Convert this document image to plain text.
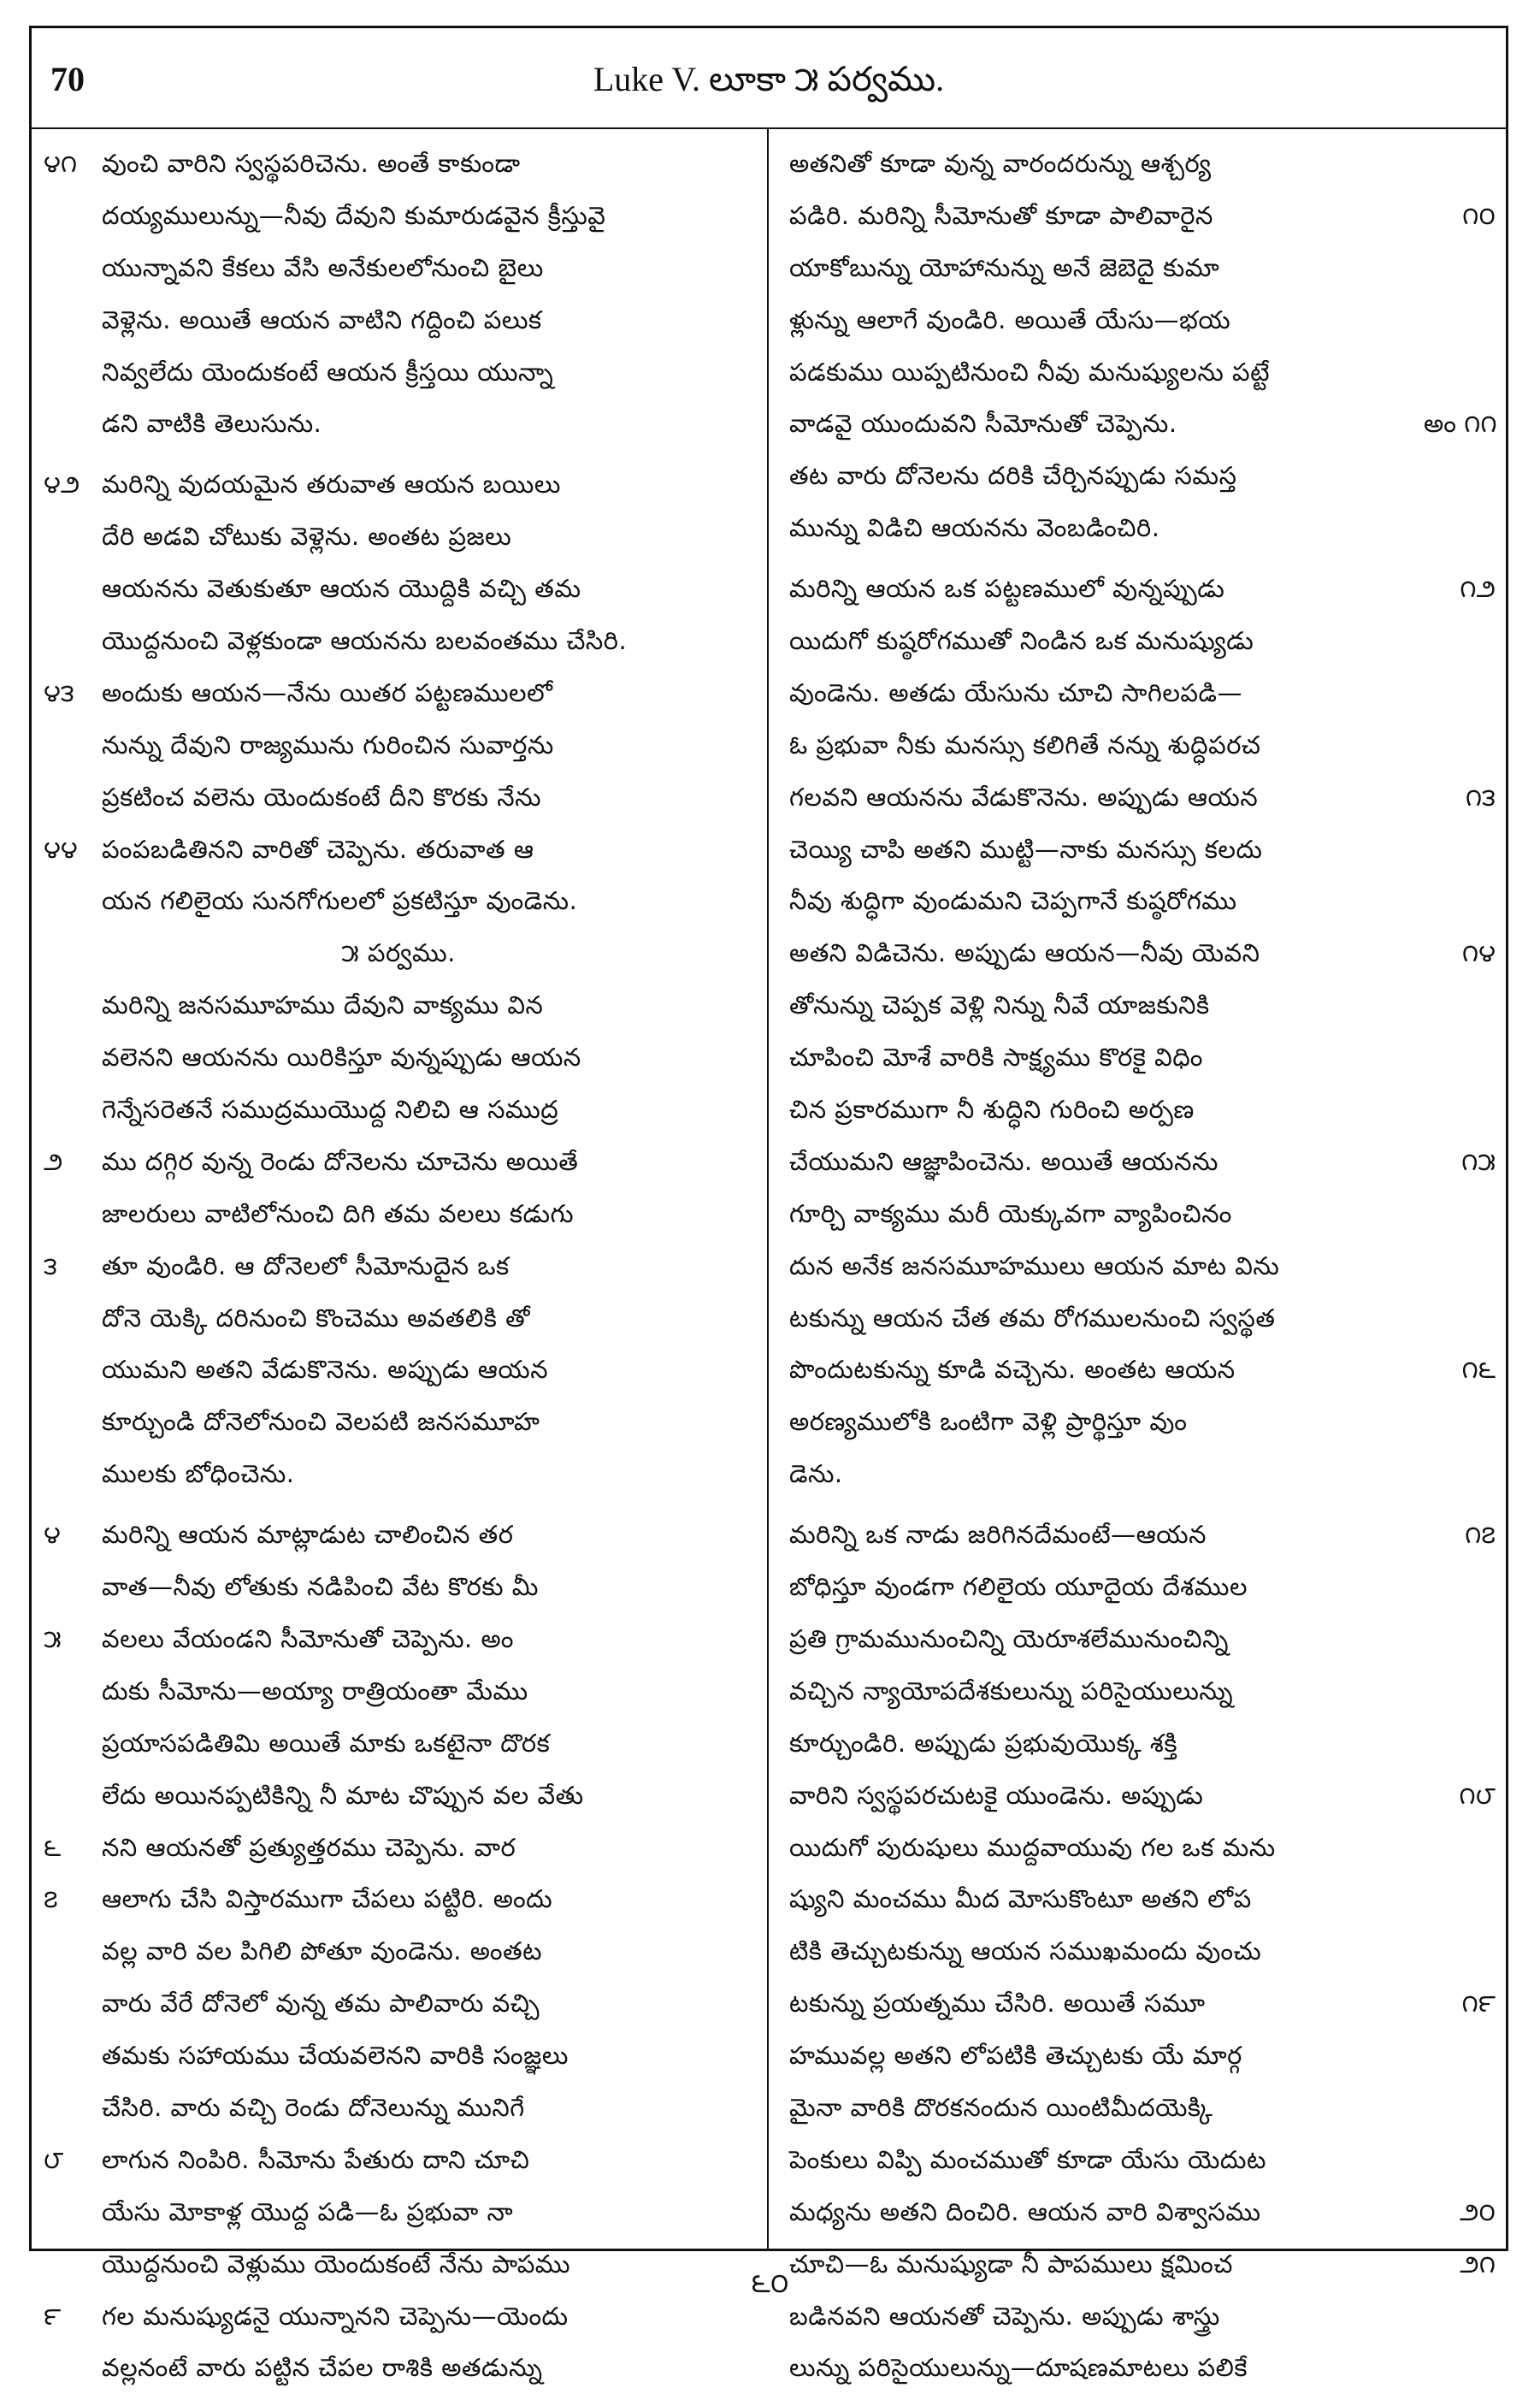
70	Luke V. లూకా ౫ పర్వము.
౪౧ వుంచి వారిని స్వస్థపరిచెను. అంతే కాకుండా
దయ్యములున్ను—నీవు దేవుని కుమారుడవైన క్రీస్తువై
యున్నావని కేకలు వేసి అనేకులలోనుంచి బైలు
వెళ్లెను. అయితే ఆయన వాటిని గద్దించి పలుక
నివ్వలేదు యెందుకంటే ఆయన క్రీస్తయి యున్నా
డని వాటికి తెలుసును.
౪౨ మరిన్ని వుదయమైన తరువాత ఆయన బయిలు
దేరి అడవి చోటుకు వెళ్లెను. అంతట ప్రజలు
ఆయనను వెతుకుతూ ఆయన యొద్దికి వచ్చి తమ
యొద్దనుంచి వెళ్లకుండా ఆయనను బలవంతము చేసిరి.
౪౩	అందుకు ఆయన—నేను యితర పట్టణములలో
నున్ను దేవుని రాజ్యమును గురించిన సువార్తను
ప్రకటించ వలెను యెందుకంటే దీని కొరకు నేను
౪౪ పంపబడితినని వారితో చెప్పెను. తరువాత ఆ
యన గలిలైయ సునగోగులలో ప్రకటిస్తూ వుండెను.
౫ పర్వము.
మరిన్ని జనసమూహము దేవుని వాక్యము విన
వలెనని ఆయనను యిరికిస్తూ వున్నప్పుడు ఆయన
గెన్నేసరెతనే సముద్రముయొద్ద నిలిచి ఆ సముద్ర
౨	ము దగ్గిర వున్న రెండు దోనెలను చూచెను అయితే
జాలరులు వాటిలోనుంచి దిగి తమ వలలు కడుగు
౩	తూ వుండిరి. ఆ దోనెలలో సీమోనుదైన ఒక
దోనె యెక్కి దరినుంచి కొంచెము అవతలికి తో
యుమని అతని వేడుకొనెను. అప్పుడు ఆయన
కూర్చుండి దోనెలోనుంచి వెలపటి జనసమూహ
ములకు బోధించెను.
౪	మరిన్ని ఆయన మాట్లాడుట చాలించిన తర
వాత—నీవు లోతుకు నడిపించి వేట కొరకు మీ
౫	వలలు వేయండని సీమోనుతో చెప్పెను. అం
దుకు సీమోను—అయ్యా రాత్రియంతా మేము
ప్రయాసపడితిమి అయితే మాకు ఒకటైనా దొరక
లేదు అయినప్పటికిన్ని నీ మాట చొప్పున వల వేతు
౬	నని ఆయనతో ప్రత్యుత్తరము చెప్పెను. వార
౭	ఆలాగు చేసి విస్తారముగా చేపలు పట్టిరి. అందు
వల్ల వారి వల పిగిలి పోతూ వుండెను. అంతట
వారు వేరే దోనెలో వున్న తమ పాలివారు వచ్చి
తమకు సహాయము చేయవలెనని వారికి సంజ్ఞలు
చేసిరి. వారు వచ్చి రెండు దోనెలున్ను మునిగే
౮	లాగున నింపిరి. సీమోను పేతురు దాని చూచి
యేసు మోకాళ్ల యొద్ద పడి—ఓ ప్రభువా నా
యొద్దనుంచి వెళ్లుము యెందుకంటే నేను పాపము
౯	గల మనుష్యుడనై యున్నానని చెప్పెను—యెందు
వల్లనంటే వారు పట్టిన చేపల రాశికి అతడున్ను
అతనితో కూడా వున్న వారందరున్ను ఆశ్చర్య
౧౦
పడిరి. మరిన్ని సీమోనుతో కూడా పాలివారైన
యాకోబున్ను యోహానున్ను అనే జెబెదై కుమా
ళ్లున్ను ఆలాగే వుండిరి. అయితే యేసు—భయ
పడకుము యిప్పటినుంచి నీవు మనుష్యులను పట్టే
అం ౧౧
వాడవై యుందువని సీమోనుతో చెప్పెను.
తట వారు దోనెలను దరికి చేర్చినప్పుడు సమస్త
మున్ను విడిచి ఆయనను వెంబడించిరి.
౧౨
మరిన్ని ఆయన ఒక పట్టణములో వున్నప్పుడు
యిదుగో కుష్ఠరోగముతో నిండిన ఒక మనుష్యుడు
వుండెను. అతడు యేసును చూచి సాగిలపడి—
ఓ ప్రభువా నీకు మనస్సు కలిగితే నన్ను శుద్ధిపరచ
౧౩
గలవని ఆయనను వేడుకొనెను. అప్పుడు ఆయన
చెయ్యి చాపి అతని ముట్టి—నాకు మనస్సు కలదు
నీవు శుద్ధిగా వుండుమని చెప్పగానే కుష్ఠరోగము
౧౪
అతని విడిచెను. అప్పుడు ఆయన—నీవు యెవని
తోనున్ను చెప్పక వెళ్లి నిన్ను నీవే యాజకునికి
చూపించి మోశే వారికి సాక్ష్యము కొరకై విధిం
చిన ప్రకారముగా నీ శుద్ధిని గురించి అర్పణ
౧౫
చేయుమని ఆజ్ఞాపించెను. అయితే ఆయనను
గూర్చి వాక్యము మరీ యెక్కువగా వ్యాపించినం
దున అనేక జనసమూహములు ఆయన మాట విను
టకున్ను ఆయన చేత తమ రోగములనుంచి స్వస్థత
౧౬
పొందుటకున్ను కూడి వచ్చెను. అంతట ఆయన
అరణ్యములోకి ఒంటిగా వెళ్లి ప్రార్థిస్తూ వుం
డెను.
౧౭
మరిన్ని ఒక నాడు జరిగినదేమంటే—ఆయన
బోధిస్తూ వుండగా గలిలైయ యూదైయ దేశముల
ప్రతి గ్రామమునుంచిన్ని యెరూశలేమునుంచిన్ని
వచ్చిన న్యాయోపదేశకులున్ను పరిసైయులున్ను
కూర్చుండిరి. అప్పుడు ప్రభువుయొక్క శక్తి
౧౮
వారిని స్వస్థపరచుటకై యుండెను. అప్పుడు
యిదుగో పురుషులు ముద్దవాయువు గల ఒక మను
ష్యుని మంచము మీద మోసుకొంటూ అతని లోప
టికి తెచ్చుటకున్ను ఆయన సముఖమందు వుంచు
౧౯
టకున్ను ప్రయత్నము చేసిరి. అయితే సమూ
హమువల్ల అతని లోపటికి తెచ్చుటకు యే మార్గ
మైనా వారికి దొరకనందున యింటిమీదయెక్కి
పెంకులు విప్పి మంచముతో కూడా యేసు యెదుట
౨౦
మధ్యను అతని దించిరి. ఆయన వారి విశ్వాసము
౨౧
చూచి—ఓ మనుష్యుడా నీ పాపములు క్షమించ
బడినవని ఆయనతో చెప్పెను. అప్పుడు శాస్త్రు
లున్ను పరిసైయులున్ను—దూషణమాటలు పలికే
౬౦
